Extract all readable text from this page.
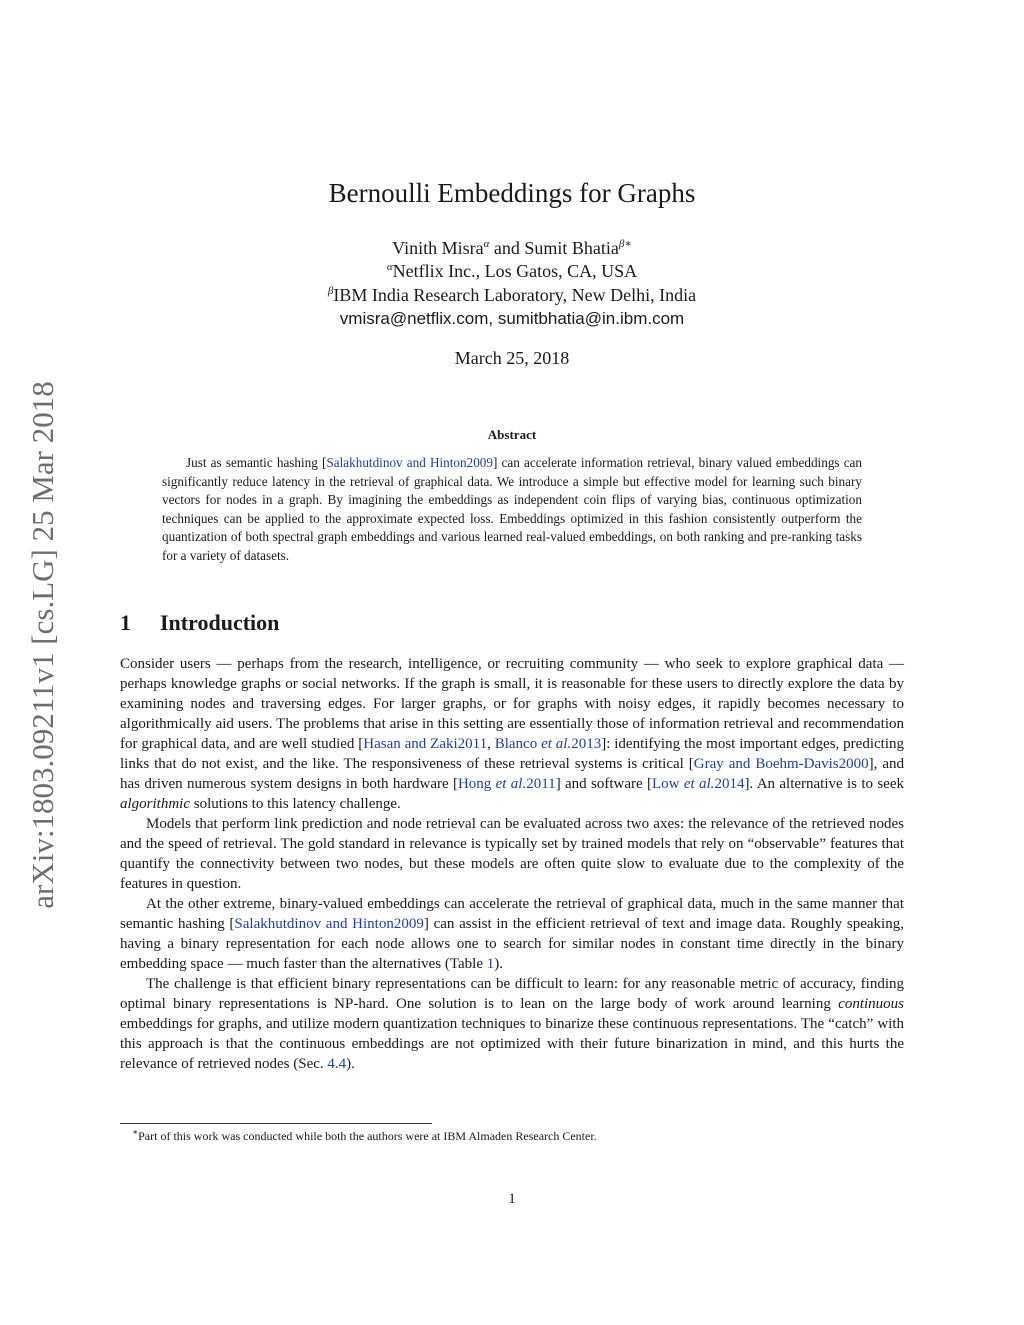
arXiv:1803.09211v1 [cs.LG] 25 Mar 2018
Bernoulli Embeddings for Graphs
Vinith Misra$^\alpha$ and Sumit Bhatia$^{\beta∗}$
$^\alpha$Netflix Inc., Los Gatos, CA, USA
$^\beta$IBM India Research Laboratory, New Delhi, India
vmisra@netflix.com, sumitbhatia@in.ibm.com
March 25, 2018
Abstract
Just as semantic hashing [Salakhutdinov and Hinton2009] can accelerate information retrieval, binary valued embeddings can significantly reduce latency in the retrieval of graphical data. We introduce a simple but effective model for learning such binary vectors for nodes in a graph. By imagining the embeddings as independent coin flips of varying bias, continuous optimization techniques can be applied to the approximate expected loss. Embeddings optimized in this fashion consistently outperform the quantization of both spectral graph embeddings and various learned real-valued embeddings, on both ranking and pre-ranking tasks for a variety of datasets.
1 Introduction

Consider users — perhaps from the research, intelligence, or recruiting community — who seek to explore graphical data — perhaps knowledge graphs or social networks. If the graph is small, it is reasonable for these users to directly explore the data by examining nodes and traversing edges. For larger graphs, or for graphs with noisy edges, it rapidly becomes necessary to algorithmically aid users. The problems that arise in this setting are essentially those of information retrieval and recommendation for graphical data, and are well studied [Hasan and Zaki2011, Blanco et al.2013]: identifying the most important edges, predicting links that do not exist, and the like. The responsiveness of these retrieval systems is critical [Gray and Boehm-Davis2000], and has driven numerous system designs in both hardware [Hong et al.2011] and software [Low et al.2014]. An alternative is to seek algorithmic solutions to this latency challenge.

Models that perform link prediction and node retrieval can be evaluated across two axes: the relevance of the retrieved nodes and the speed of retrieval. The gold standard in relevance is typically set by trained models that rely on “observable” features that quantify the connectivity between two nodes, but these models are often quite slow to evaluate due to the complexity of the features in question.

At the other extreme, binary-valued embeddings can accelerate the retrieval of graphical data, much in the same manner that semantic hashing [Salakhutdinov and Hinton2009] can assist in the efficient retrieval of text and image data. Roughly speaking, having a binary representation for each node allows one to search for similar nodes in constant time directly in the binary embedding space — much faster than the alternatives (Table 1).

The challenge is that efficient binary representations can be difficult to learn: for any reasonable metric of accuracy, finding optimal binary representations is NP-hard. One solution is to lean on the large body of work around learning continuous embeddings for graphs, and utilize modern quantization techniques to binarize these continuous representations. The “catch” with this approach is that the continuous embeddings are not optimized with their future binarization in mind, and this hurts the relevance of retrieved nodes (Sec. 4.4).

∗Part of this work was conducted while both the authors were at IBM Almaden Research Center.
1
